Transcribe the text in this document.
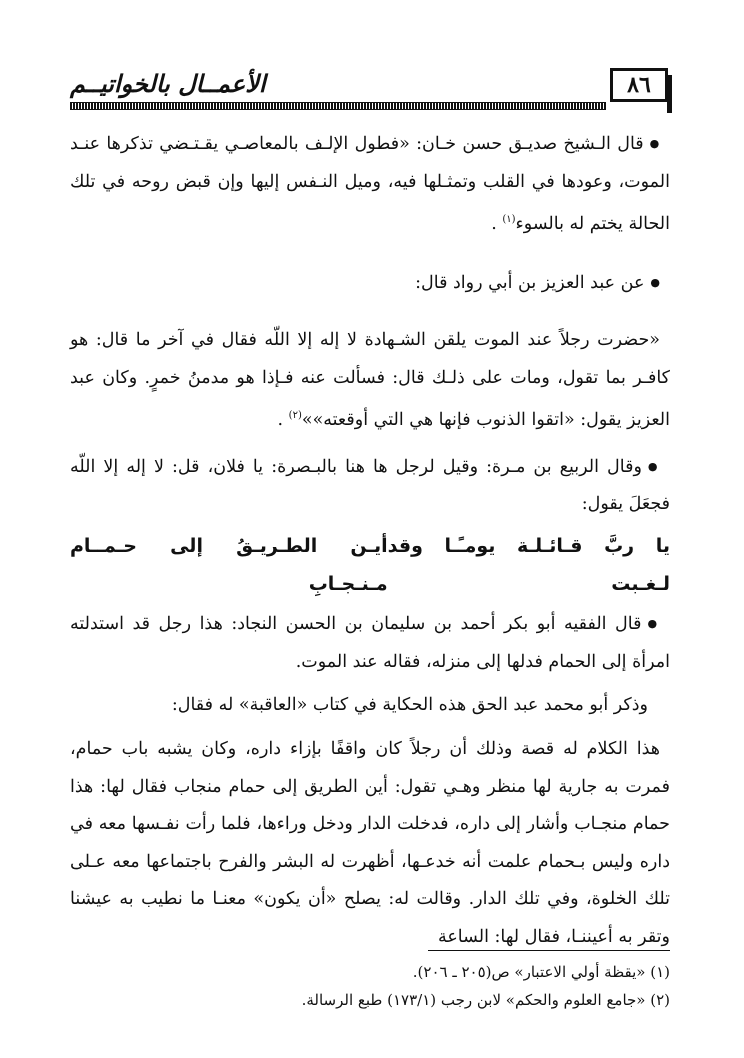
٨٦
الأعمــال بالخواتيــم

● قال الـشيخ صديـق حسن خـان: «فطول الإلـف بالمعاصـي يقـتـضي تذكرها عنـد الموت، وعودها في القلب وتمثـلها فيه، وميل النـفس إليها وإن قبض روحه في تلك الحالة يختم له بالسوء$^{(١)}$ .

● عن عبد العزيز بن أبي رواد قال:

«حضرت رجلاً عند الموت يلقن الشـهادة لا إله إلا اللّه فقال في آخر ما قال: هو كافـر بما تقول، ومات على ذلـك قال: فسألت عنه فـإذا هو مدمنُ خمرٍ. وكان عبد العزيز يقول: «اتقوا الذنوب فإنها هي التي أوقعته»»$^{(٢)}$ .

● وقال الربيع بن مـرة: وقيل لرجل ها هنا بالبـصرة: يا فلان، قل: لا إله إلا اللّه فجعَلَ يقول:

يا ربَّ قـائـلـة يومـًـا وقد لـغـبت
أيـن الطـريـقُ إلى حـمــام مـنـجـابِ

● قال الفقيه أبو بكر أحمد بن سليمان بن الحسن النجاد: هذا رجل قد استدلته امرأة إلى الحمام فدلها إلى منزله، فقاله عند الموت.

وذكر أبو محمد عبد الحق هذه الحكاية في كتاب «العاقبة» له فقال:

هذا الكلام له قصة وذلك أن رجلاً كان واقفًا بإزاء داره، وكان يشبه باب حمام، فمرت به جارية لها منظر وهـي تقول: أين الطريق إلى حمام منجاب فقال لها: هذا حمام منجـاب وأشار إلى داره، فدخلت الدار ودخل وراءها، فلما رأت نفـسها معه في داره وليس بـحمام علمت أنه خدعـها، أظهرت له البشر والفرح باجتماعها معه عـلى تلك الخلوة، وفي تلك الدار. وقالت له: يصلح «أن يكون» معنـا ما نطيب به عيشنا وتقر به أعيننـا، فقال لها: الساعة

(١) «يقظة أولي الاعتبار» ص(٢٠٥ ـ ٢٠٦).
(٢) «جامع العلوم والحكم» لابن رجب (١٧٣/١) طبع الرسالة.
